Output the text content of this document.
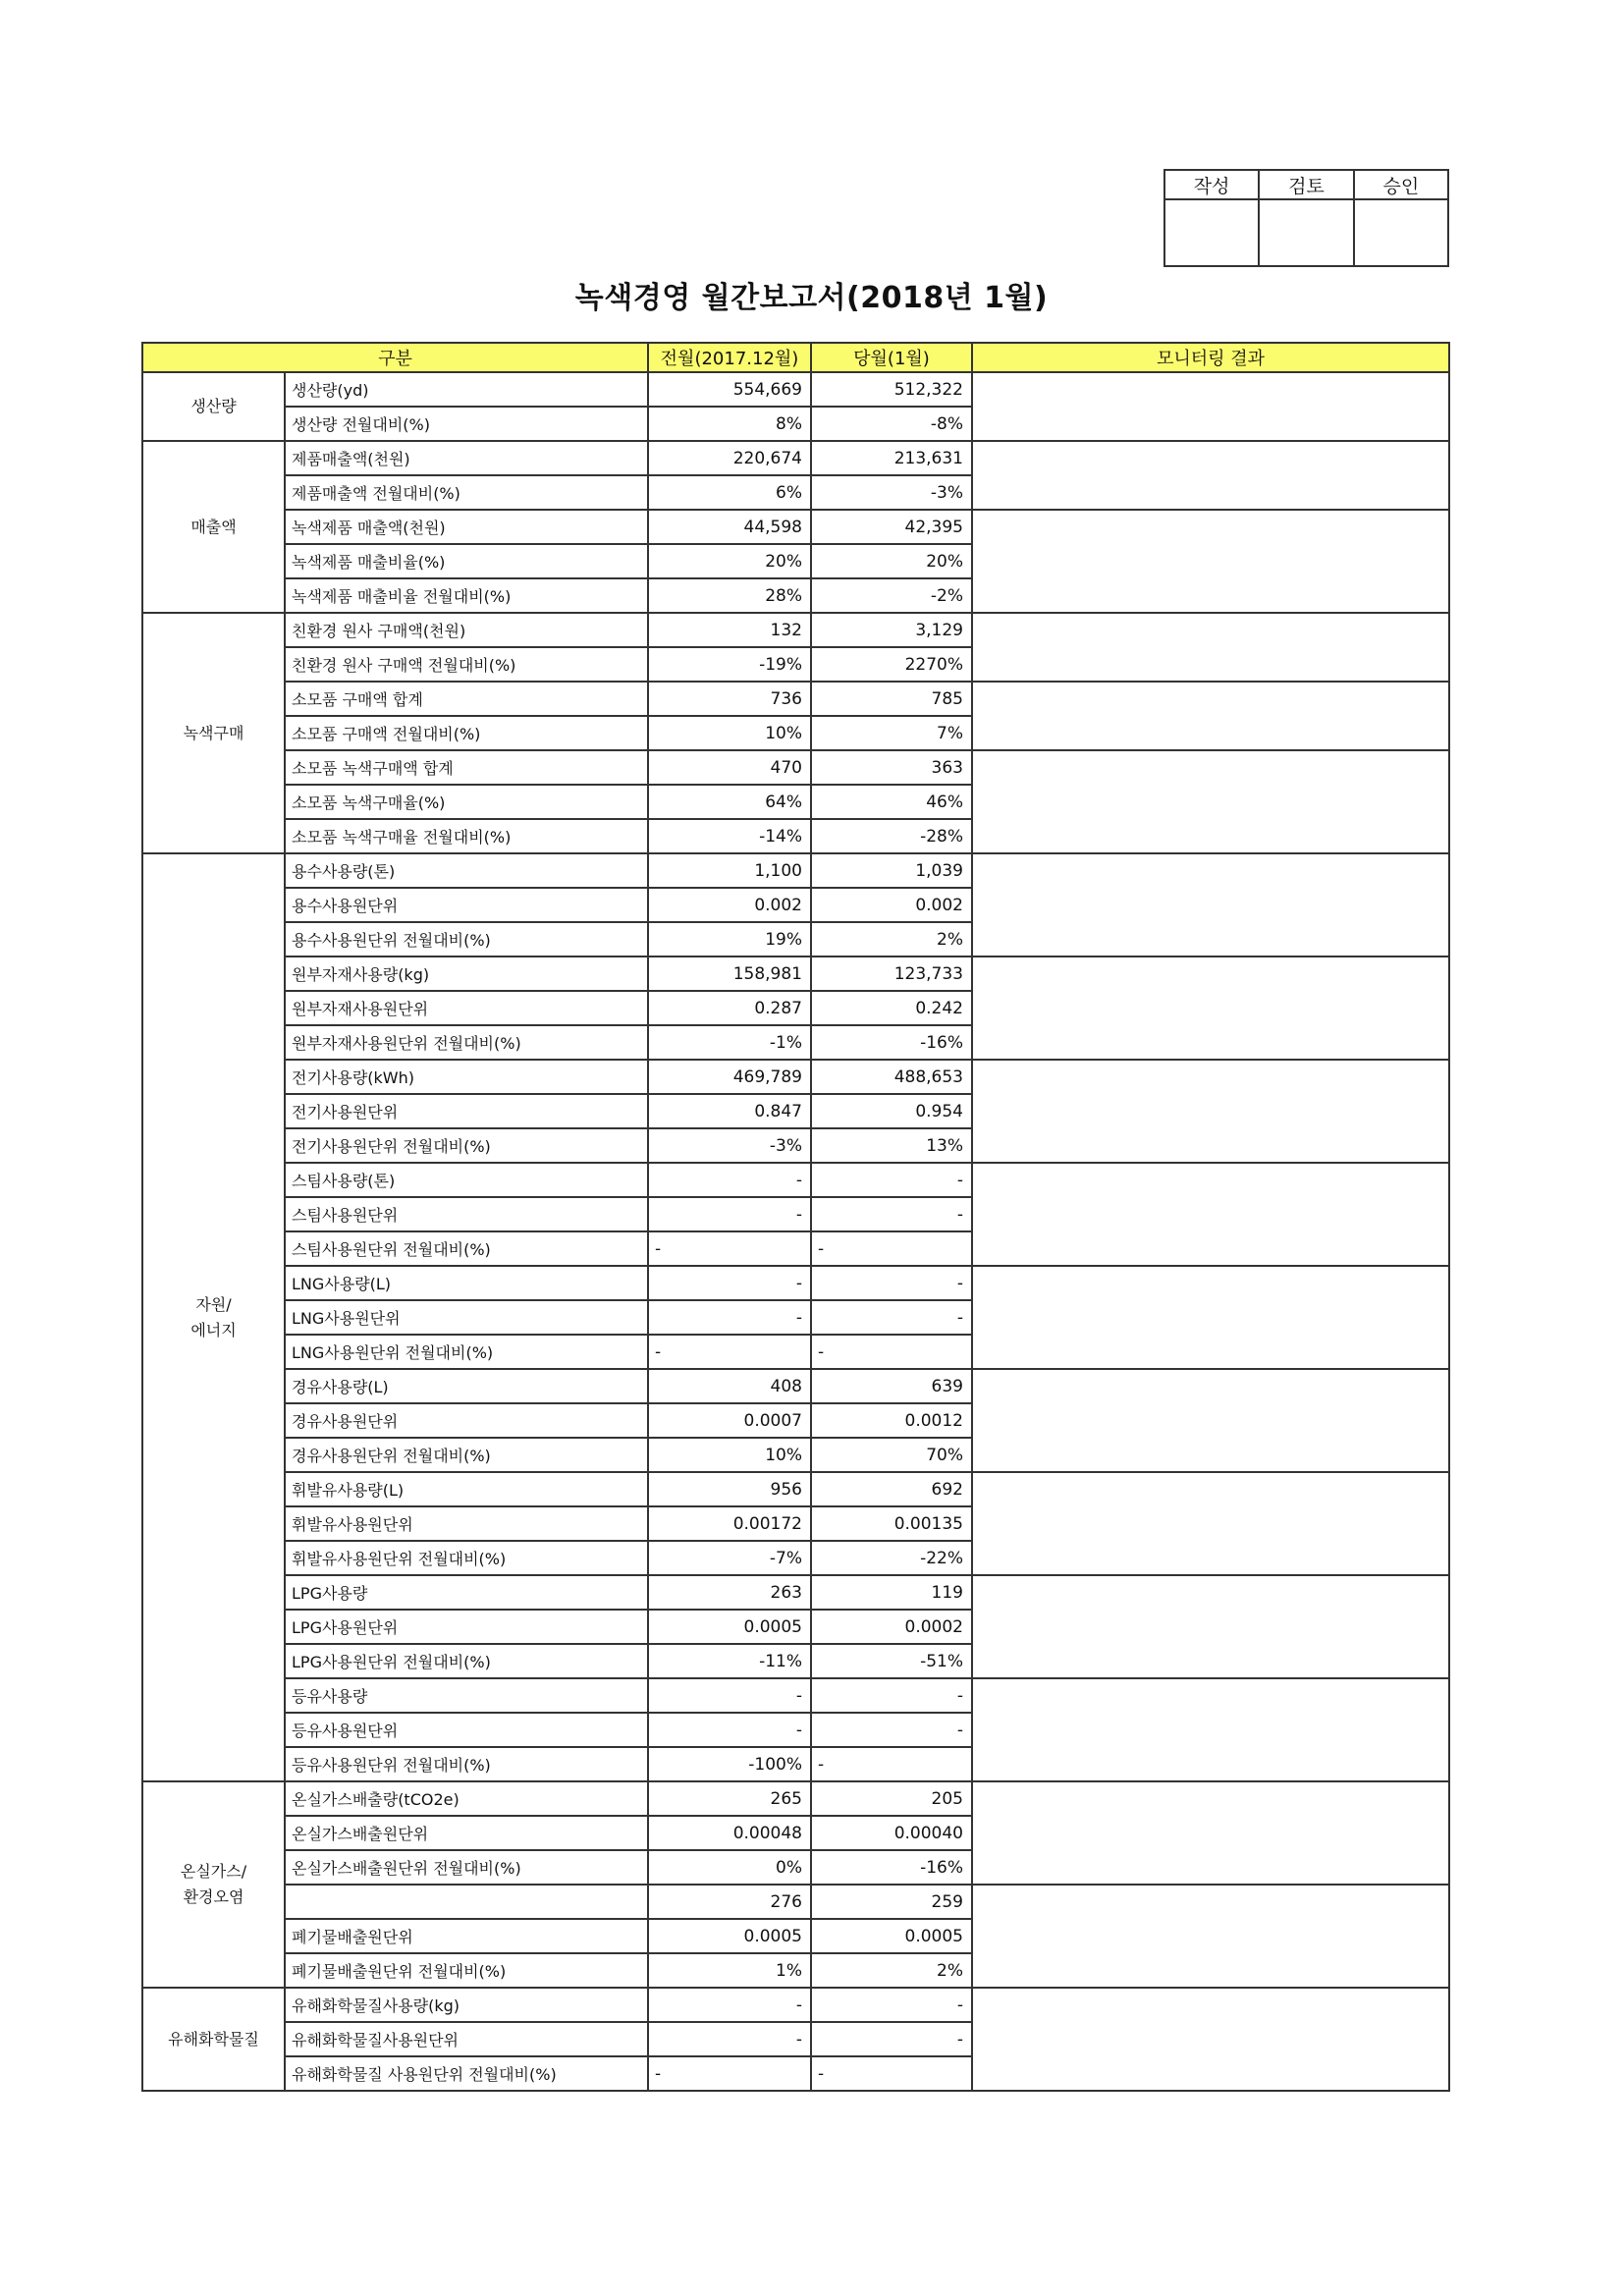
작성	검토	승인

녹색경영 월간보고서(2018년 1월)
구분		전월(2017.12월)	당월(1월)	모니터링 결과
생산량	생산량(yd)	554,669	512,322	
	생산량 전월대비(%)	8%	-8%	
매출액	제품매출액(천원)	220,674	213,631	
	제품매출액 전월대비(%)	6%	-3%	
	녹색제품 매출액(천원)	44,598	42,395	
	녹색제품 매출비율(%)	20%	20%	
	녹색제품 매출비율 전월대비(%)	28%	-2%	
녹색구매	친환경 원사 구매액(천원)	132	3,129	
	친환경 원사 구매액 전월대비(%)	-19%	2270%	
	소모품 구매액 합계	736	785	
	소모품 구매액 전월대비(%)	10%	7%	
	소모품 녹색구매액 합계	470	363	
	소모품 녹색구매율(%)	64%	46%	
	소모품 녹색구매율 전월대비(%)	-14%	-28%	
자원/
에너지	용수사용량(톤)	1,100	1,039	
	용수사용원단위	0.002	0.002	
	용수사용원단위 전월대비(%)	19%	2%	
	원부자재사용량(kg)	158,981	123,733	
	원부자재사용원단위	0.287	0.242	
	원부자재사용원단위 전월대비(%)	-1%	-16%	
	전기사용량(kWh)	469,789	488,653	
	전기사용원단위	0.847	0.954	
	전기사용원단위 전월대비(%)	-3%	13%	
	스팀사용량(톤)	-	-	
	스팀사용원단위	-	-	
	스팀사용원단위 전월대비(%)	-	-	
	LNG사용량(L)	-	-	
	LNG사용원단위	-	-	
	LNG사용원단위 전월대비(%)	-	-	
	경유사용량(L)	408	639	
	경유사용원단위	0.0007	0.0012	
	경유사용원단위 전월대비(%)	10%	70%	
	휘발유사용량(L)	956	692	
	휘발유사용원단위	0.00172	0.00135	
	휘발유사용원단위 전월대비(%)	-7%	-22%	
	LPG사용량	263	119	
	LPG사용원단위	0.0005	0.0002	
	LPG사용원단위 전월대비(%)	-11%	-51%	
	등유사용량	-	-	
	등유사용원단위	-	-	
	등유사용원단위 전월대비(%)	-100%	-	
온실가스/
환경오염	온실가스배출량(tCO2e)	265	205	
	온실가스배출원단위	0.00048	0.00040	
	온실가스배출원단위 전월대비(%)	0%	-16%	
		276	259	
	폐기물배출원단위	0.0005	0.0005	
	폐기물배출원단위 전월대비(%)	1%	2%	
유해화학물질	유해화학물질사용량(kg)	-	-	
	유해화학물질사용원단위	-	-	
	유해화학물질 사용원단위 전월대비(%)	-	-	
